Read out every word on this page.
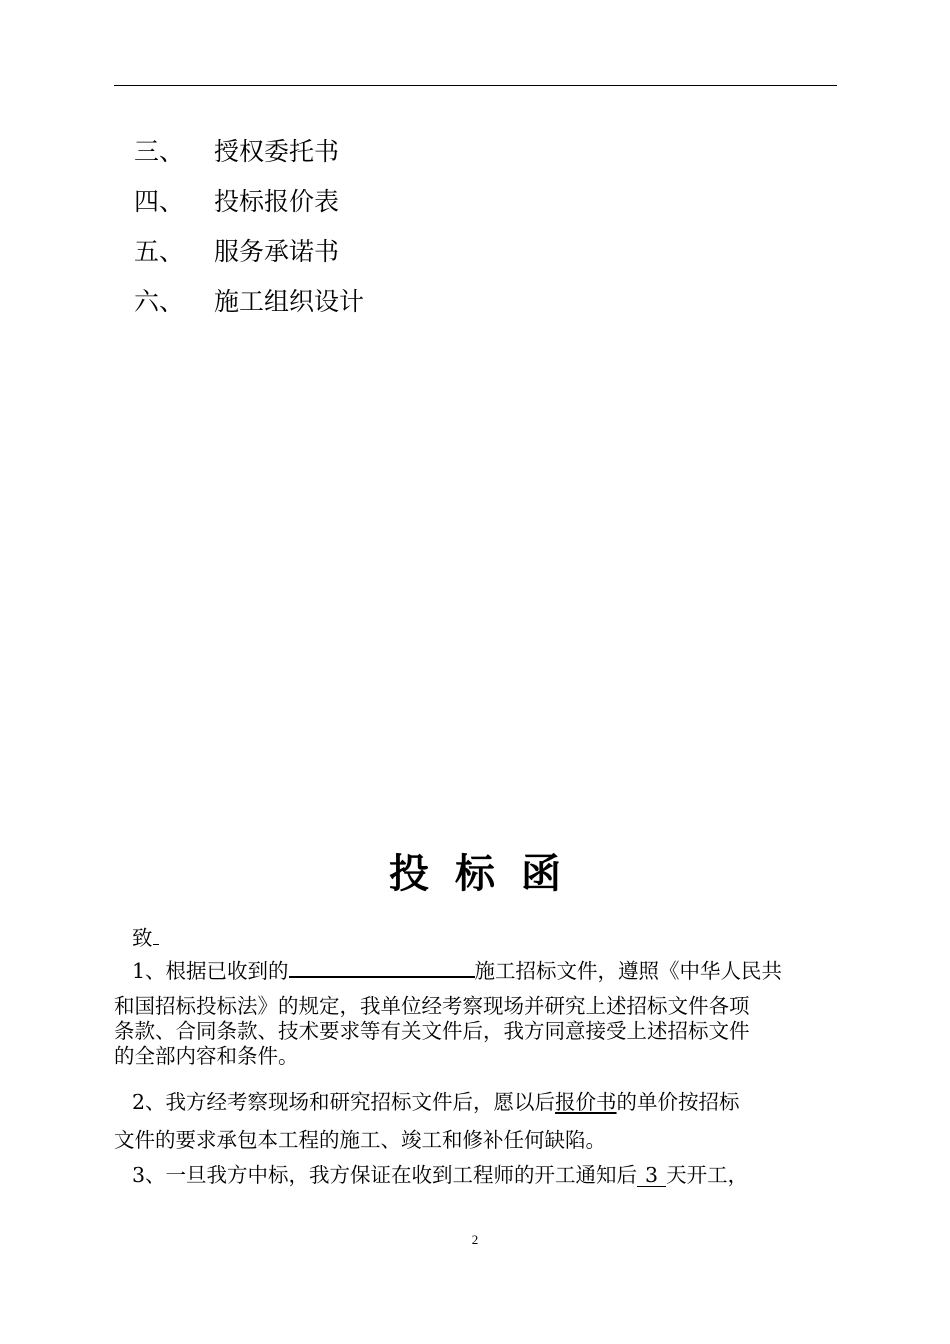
三、 授权委托书
四、 投标报价表
五、 服务承诺书
六、 施工组织设计
投标函
致
1、根据已收到的	施工招标文件，遵照《中华人民共
和国招标投标法》的规定，我单位经考察现场并研究上述招标文件各项
条款、合同条款、技术要求等有关文件后，我方同意接受上述招标文件
的全部内容和条件。
2、我方经考察现场和研究招标文件后，愿以后报价书的单价按招标
文件的要求承包本工程的施工、竣工和修补任何缺陷。
3、一旦我方中标，我方保证在收到工程师的开工通知后 3 天开工，
2
